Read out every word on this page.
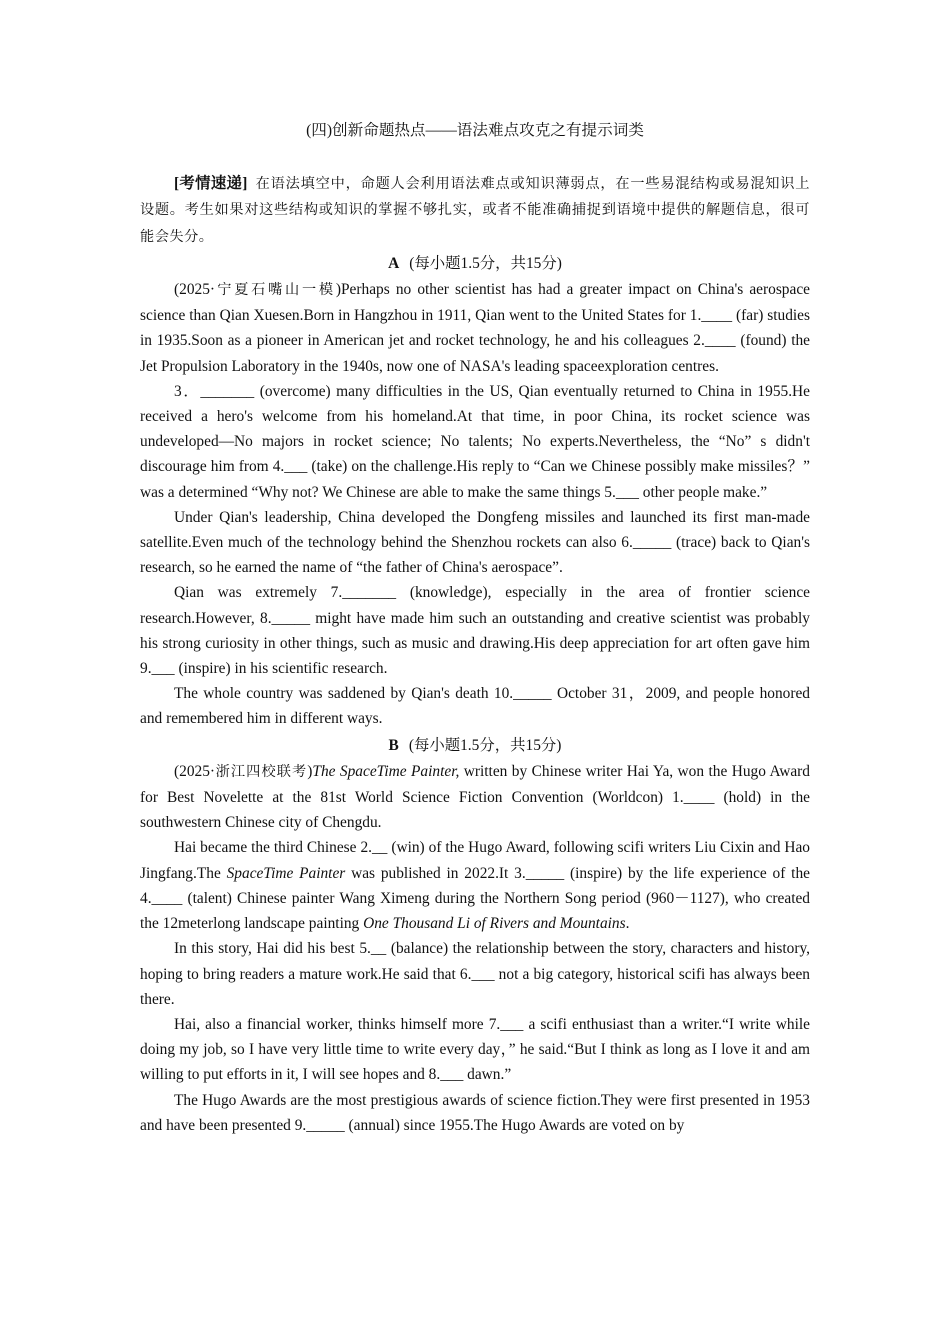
(四)创新命题热点——语法难点攻克之有提示词类

[考情速递] 在语法填空中，命题人会利用语法难点或知识薄弱点，在一些易混结构或易混知识上设题。考生如果对这些结构或知识的掌握不够扎实，或者不能准确捕捉到语境中提供的解题信息，很可能会失分。

A (每小题1.5分，共15分)

(2025·宁夏石嘴山一模)Perhaps no other scientist has had a greater impact on China's aerospace science than Qian Xuesen.Born in Hangzhou in 1911, Qian went to the United States for 1.____ (far) studies in 1935.Soon as a pioneer in American jet and rocket technology, he and his colleagues 2.____ (found) the Jet Propulsion Laboratory in the 1940s, now one of NASA's leading spaceexploration centres.

3．_______ (overcome) many difficulties in the US, Qian eventually returned to China in 1955.He received a hero's welcome from his homeland.At that time, in poor China, its rocket science was undeveloped—No majors in rocket science; No talents; No experts.Nevertheless, the “No” s didn't discourage him from 4.___ (take) on the challenge.His reply to “Can we Chinese possibly make missiles？” was a determined “Why not? We Chinese are able to make the same things 5.___ other people make.”

Under Qian's leadership, China developed the Dongfeng missiles and launched its first man-made satellite.Even much of the technology behind the Shenzhou rockets can also 6._____ (trace) back to Qian's research, so he earned the name of “the father of China's aerospace”.

Qian was extremely 7._______ (knowledge), especially in the area of frontier science research.However, 8._____ might have made him such an outstanding and creative scientist was probably his strong curiosity in other things, such as music and drawing.His deep appreciation for art often gave him 9.___ (inspire) in his scientific research.

The whole country was saddened by Qian's death 10._____ October 31，2009, and people honored and remembered him in different ways.

B (每小题1.5分，共15分)

(2025·浙江四校联考)The SpaceTime Painter, written by Chinese writer Hai Ya, won the Hugo Award for Best Novelette at the 81st World Science Fiction Convention (Worldcon) 1.____ (hold) in the southwestern Chinese city of Chengdu.

Hai became the third Chinese 2.__ (win) of the Hugo Award, following scifi writers Liu Cixin and Hao Jingfang.The SpaceTime Painter was published in 2022.It 3._____ (inspire) by the life experience of the 4.____ (talent) Chinese painter Wang Ximeng during the Northern Song period (960－1127), who created the 12meterlong landscape painting One Thousand Li of Rivers and Mountains.

In this story, Hai did his best 5.__ (balance) the relationship between the story, characters and history, hoping to bring readers a mature work.He said that 6.___ not a big category, historical scifi has always been there.

Hai, also a financial worker, thinks himself more 7.___ a scifi enthusiast than a writer.“I write while doing my job, so I have very little time to write every day，” he said.“But I think as long as I love it and am willing to put efforts in it, I will see hopes and 8.___ dawn.”

The Hugo Awards are the most prestigious awards of science fiction.They were first presented in 1953 and have been presented 9._____ (annual) since 1955.The Hugo Awards are voted on by
